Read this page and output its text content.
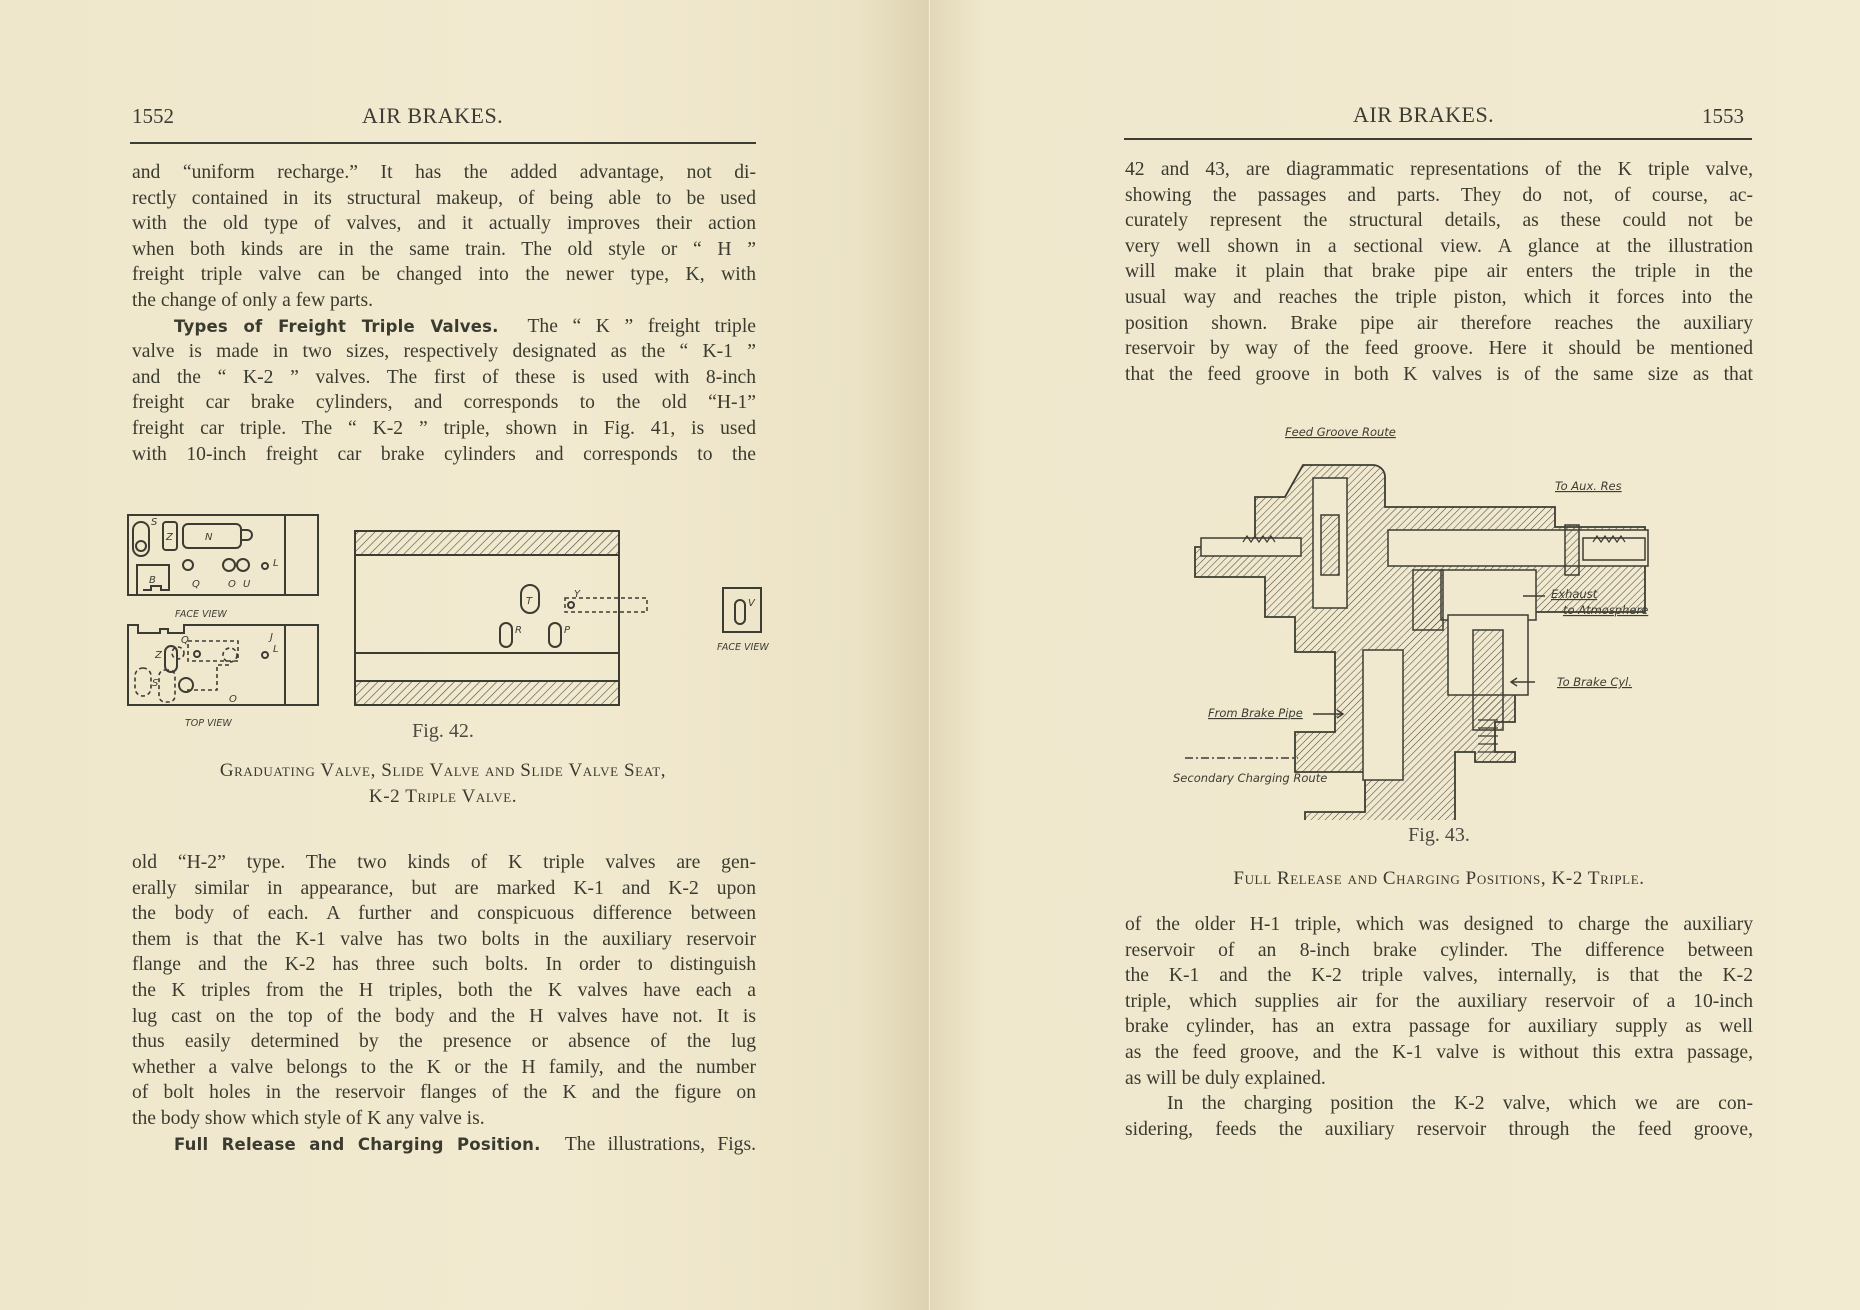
1552	AIR BRAKES.
and “uniform recharge.” It has the added advantage, not di-
rectly contained in its structural makeup, of being able to be used
with the old type of valves, and it actually improves their action
when both kinds are in the same train. The old style or “ H ”
freight triple valve can be changed into the newer type, K, with
the change of only a few parts.
Types of Freight Triple Valves. The “ K ” freight triple
valve is made in two sizes, respectively designated as the “ K-1 ”
and the “ K-2 ” valves. The first of these is used with 8-inch
freight car brake cylinders, and corresponds to the old “H-1”
freight car triple. The “ K-2 ” triple, shown in Fig. 41, is used
with 10-inch freight car brake cylinders and corresponds to the
S
Z	N
B	Q	O U
L
FACE VIEW
Q	J
L
Z
S
O
TOP VIEW
T
Y
R	P
V
FACE VIEW
Fig. 42.
Graduating Valve, Slide Valve and Slide Valve Seat,
K-2 Triple Valve.
old “H-2” type. The two kinds of K triple valves are gen-
erally similar in appearance, but are marked K-1 and K-2 upon
the body of each. A further and conspicuous difference between
them is that the K-1 valve has two bolts in the auxiliary reservoir
flange and the K-2 has three such bolts. In order to distinguish
the K triples from the H triples, both the K valves have each a
lug cast on the top of the body and the H valves have not. It is
thus easily determined by the presence or absence of the lug
whether a valve belongs to the K or the H family, and the number
of bolt holes in the reservoir flanges of the K and the figure on
the body show which style of K any valve is.
Full Release and Charging Position. The illustrations, Figs.
AIR BRAKES.	1553
42 and 43, are diagrammatic representations of the K triple valve,
showing the passages and parts. They do not, of course, ac-
curately represent the structural details, as these could not be
very well shown in a sectional view. A glance at the illustration
will make it plain that brake pipe air enters the triple in the
usual way and reaches the triple piston, which it forces into the
position shown. Brake pipe air therefore reaches the auxiliary
reservoir by way of the feed groove. Here it should be mentioned
that the feed groove in both K valves is of the same size as that
Feed Groove Route
To Aux. Res
Exhaust
to Atmosphere
To Brake Cyl.
From Brake Pipe
Secondary Charging Route
Fig. 43.
Full Release and Charging Positions, K-2 Triple.
of the older H-1 triple, which was designed to charge the auxiliary
reservoir of an 8-inch brake cylinder. The difference between
the K-1 and the K-2 triple valves, internally, is that the K-2
triple, which supplies air for the auxiliary reservoir of a 10-inch
brake cylinder, has an extra passage for auxiliary supply as well
as the feed groove, and the K-1 valve is without this extra passage,
as will be duly explained.
In the charging position the K-2 valve, which we are con-
sidering, feeds the auxiliary reservoir through the feed groove,
